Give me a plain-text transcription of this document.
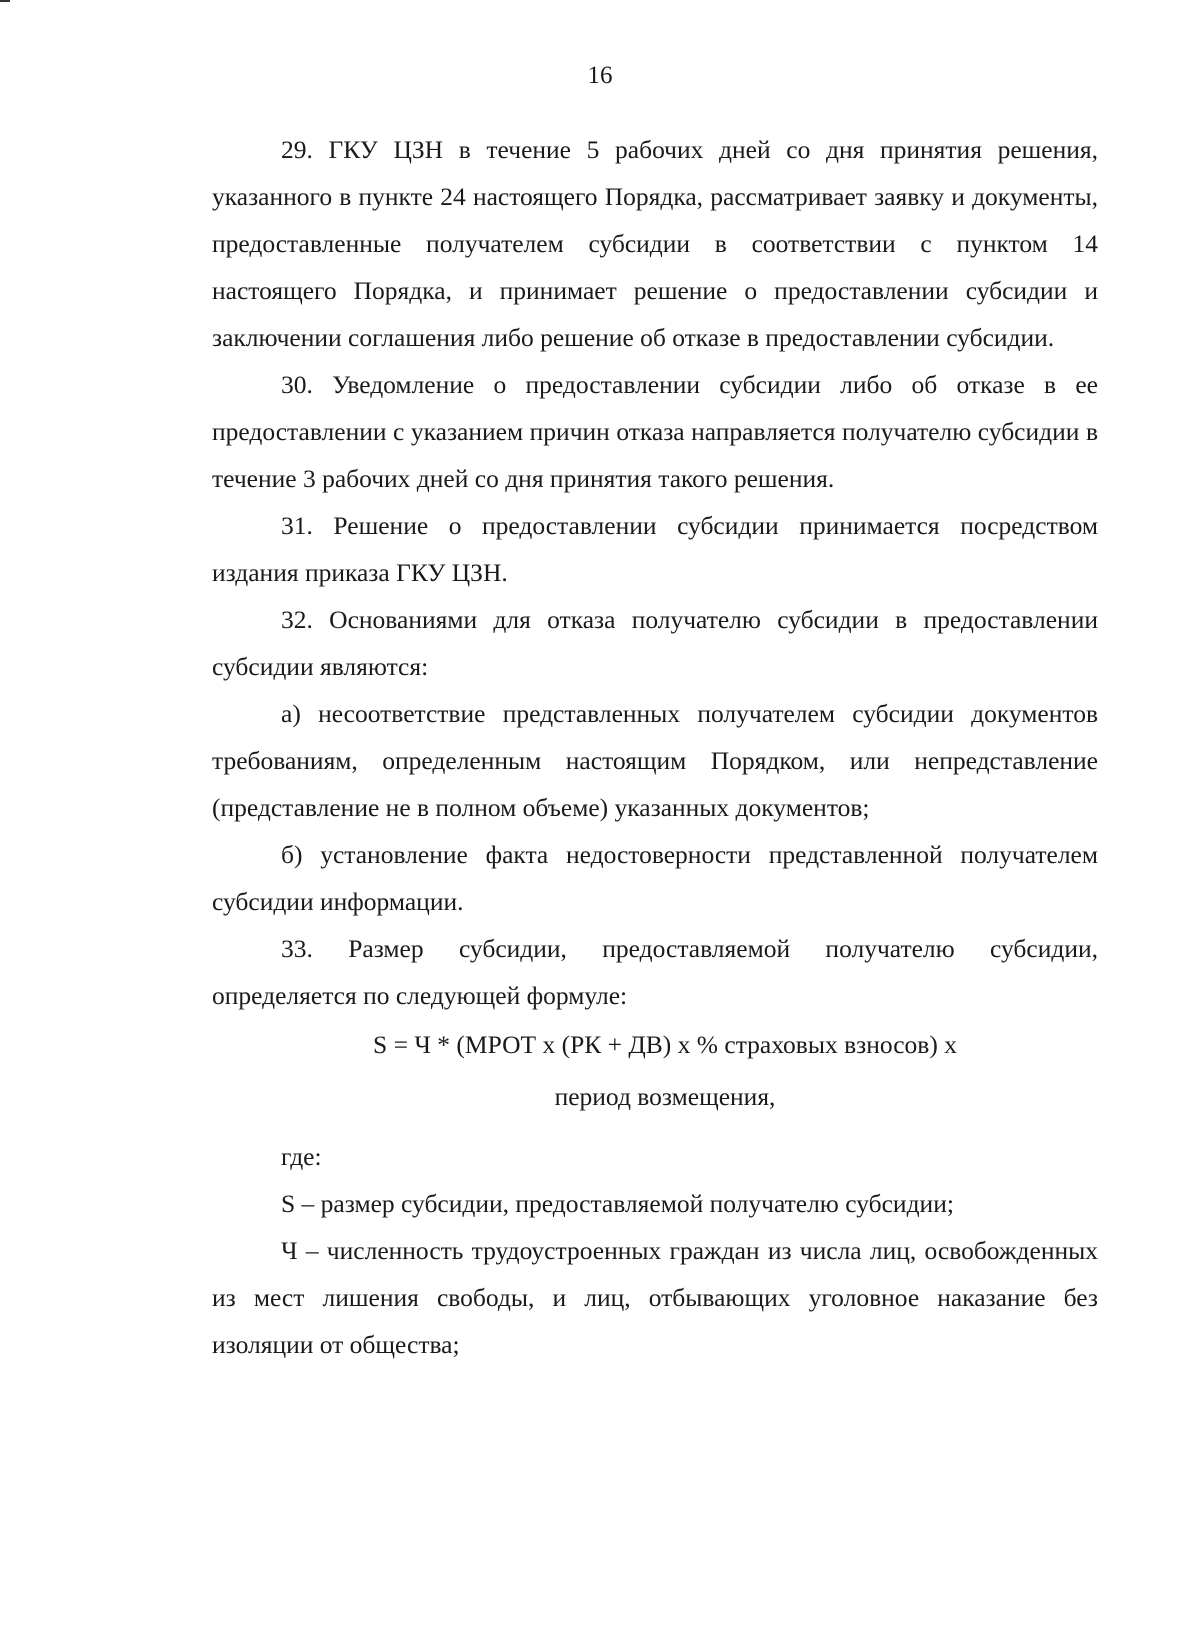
16

29. ГКУ ЦЗН в течение 5 рабочих дней со дня принятия решения, указанного в пункте 24 настоящего Порядка, рассматривает заявку и документы, предоставленные получателем субсидии в соответствии с пунктом 14 настоящего Порядка, и принимает решение о предоставлении субсидии и заключении соглашения либо решение об отказе в предоставлении субсидии.

30. Уведомление о предоставлении субсидии либо об отказе в ее предоставлении с указанием причин отказа направляется получателю субсидии в течение 3 рабочих дней со дня принятия такого решения.

31. Решение о предоставлении субсидии принимается посредством издания приказа ГКУ ЦЗН.

32. Основаниями для отказа получателю субсидии в предоставлении субсидии являются:

а) несоответствие представленных получателем субсидии документов требованиям, определенным настоящим Порядком, или непредставление (представление не в полном объеме) указанных документов;

б) установление факта недостоверности представленной получателем субсидии информации.

33. Размер субсидии, предоставляемой получателю субсидии, определяется по следующей формуле:

S = Ч * (МРОТ х (РК + ДВ) х % страховых взносов) х

период возмещения,

где:

S – размер субсидии, предоставляемой получателю субсидии;

Ч – численность трудоустроенных граждан из числа лиц, освобожденных из мест лишения свободы, и лиц, отбывающих уголовное наказание без изоляции от общества;
